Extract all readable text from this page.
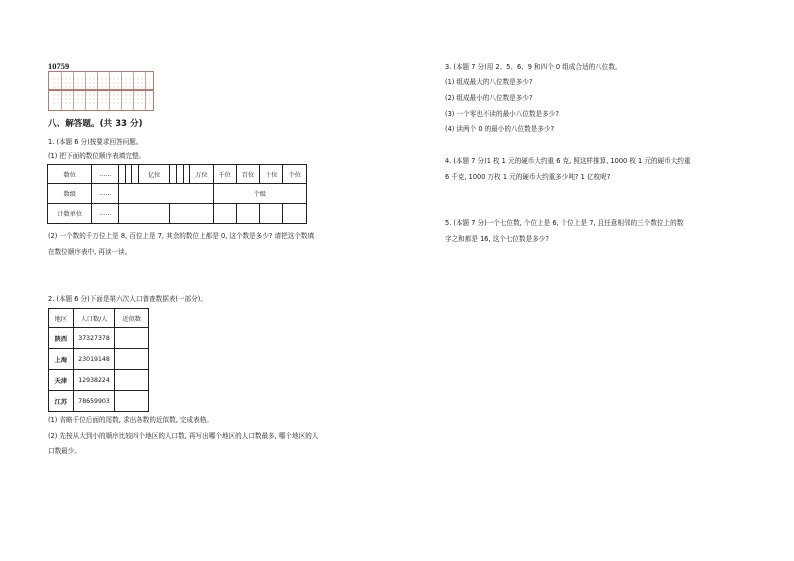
10759
八、解答题。(共 33 分)
1. (本题 6 分)按要求回答问题。
(1) 把下面的数位顺序表填完整。
数位	……				亿位				万位	千位	百位	十位	个位
数级	……									个级			
计数单位	……												
(2) 一个数的千万位上是 8, 百位上是 7, 其余的数位上都是 0, 这个数是多少? 请把这个数填
在数位顺序表中, 再读一读。
2. (本题 6 分)下面是第六次人口普查数据表(一部分)。
地区	人口数/人	近似数
陕西	37327378	
上海	23019148	
天津	12938224	
江苏	78659903	
(1) 省略千位后面的尾数, 求出各数的近似数, 完成表格。
(2) 先按从大到小的顺序比较四个地区的人口数, 再写出哪个地区的人口数最多, 哪个地区的人
口数最少。
3. (本题 7 分)用 2、5、6、9 和四个 0 组成合适的八位数。
(1) 组成最大的八位数是多少?
(2) 组成最小的八位数是多少?
(3) 一个零也不读的最小八位数是多少?
(4) 读两个 0 的最小的八位数是多少?
4. (本题 7 分)1 枚 1 元的硬币大约重 6 克, 照这样推算, 1000 枚 1 元的硬币大约重
6 千克, 1000 万枚 1 元的硬币大约重多少吨? 1 亿枚呢?
5. (本题 7 分)一个七位数, 个位上是 6, 十位上是 7, 且任意相邻的三个数位上的数
字之和都是 16, 这个七位数是多少?
